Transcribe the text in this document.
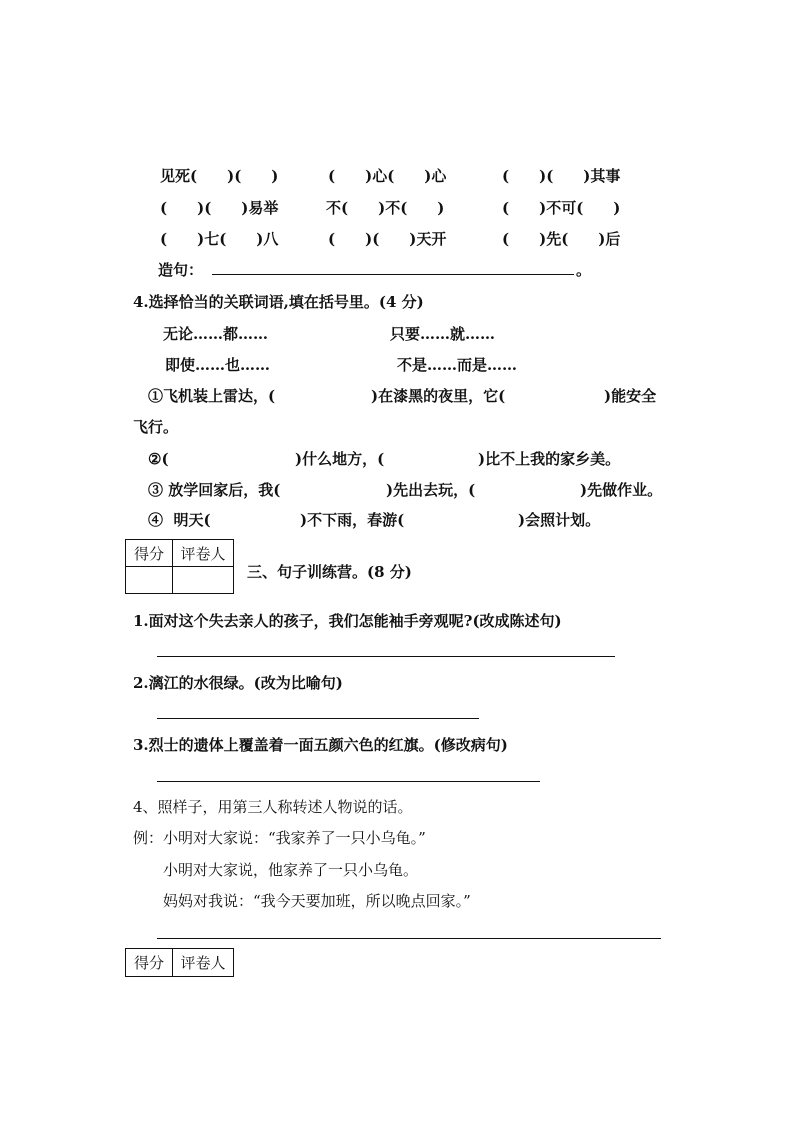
见死(　　)(　　)	(　　)心(　　)心	(　　)(　　)其事
(　　)(　　)易举	不(　　)不(　　)	(　　)不可(　　)
(　　)七(　　)八	(　　)(　　)天开	(　　)先(　　)后
造句：	。
4.选择恰当的关联词语,填在括号里。(4 分)
无论……都……	只要……就……
即使……也……	不是……而是……
①飞机装上雷达，(	)在漆黑的夜里，它(	)能安全
飞行。
②(	)什么地方，(	)比不上我的家乡美。
③ 放学回家后，我(	)先出去玩，(	)先做作业。
④  明天(	)不下雨，春游(	)会照计划。
得分	评卷人

三、句子训练营。(8 分)
1.面对这个失去亲人的孩子，我们怎能袖手旁观呢?(改成陈述句)
2.漓江的水很绿。(改为比喻句)
3.烈士的遗体上覆盖着一面五颜六色的红旗。(修改病句)
4、照样子，用第三人称转述人物说的话。
例：小明对大家说：“我家养了一只小乌龟。”
小明对大家说，他家养了一只小乌龟。
妈妈对我说：“我今天要加班，所以晚点回家。”
得分	评卷人
